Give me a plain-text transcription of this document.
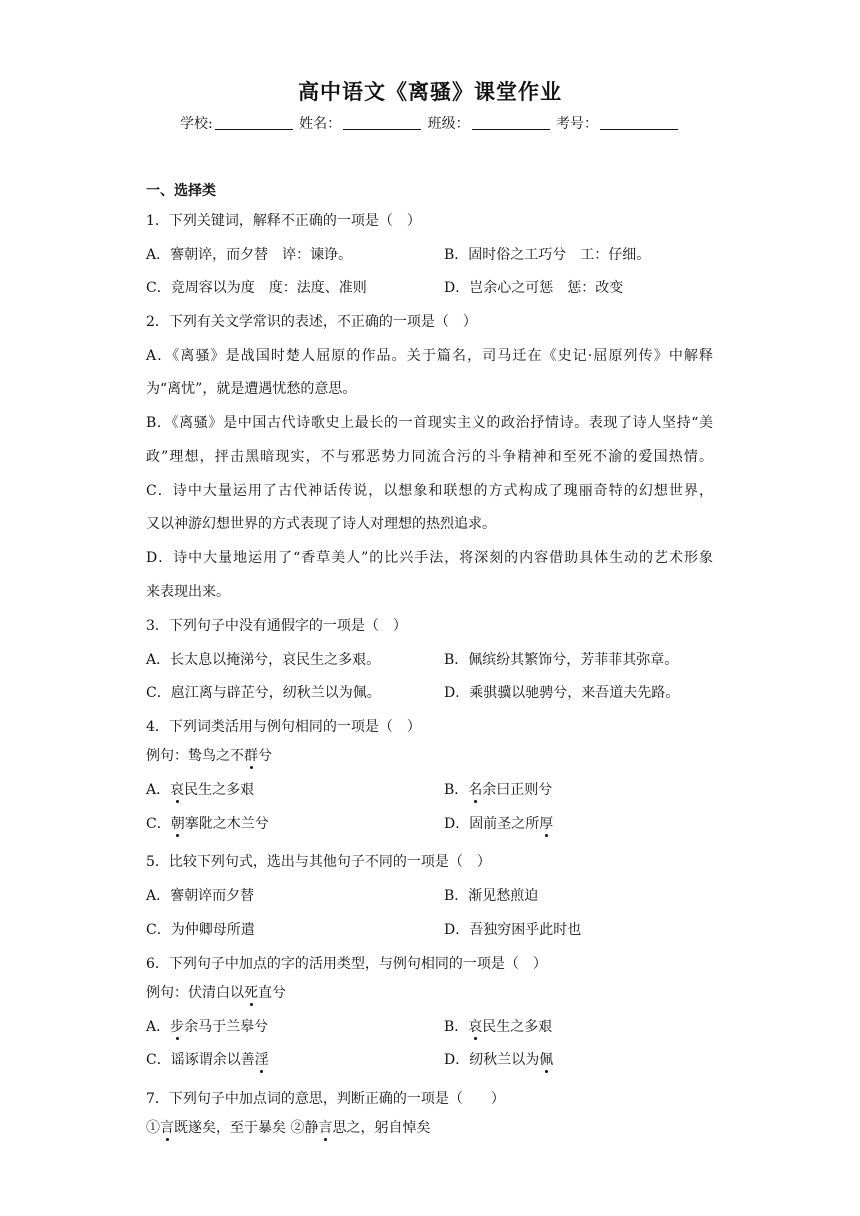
高中语文《离骚》课堂作业
学校:	姓名：	班级：	考号：
一、选择类
1．下列关键词，解释不正确的一项是（　）
A．謇朝谇，而夕替　谇：谏诤。	B．固时俗之工巧兮　工：仔细。
C．竞周容以为度　度：法度、准则	D．岂余心之可惩　惩：改变
2．下列有关文学常识的表述，不正确的一项是（　）
A．《离骚》是战国时楚人屈原的作品。关于篇名，司马迁在《史记·屈原列传》中解释
为“离忧”，就是遭遇忧愁的意思。
B．《离骚》是中国古代诗歌史上最长的一首现实主义的政治抒情诗。表现了诗人坚持“美
政”理想，抨击黑暗现实，不与邪恶势力同流合污的斗争精神和至死不渝的爱国热情。
C．诗中大量运用了古代神话传说，以想象和联想的方式构成了瑰丽奇特的幻想世界，
又以神游幻想世界的方式表现了诗人对理想的热烈追求。
D．诗中大量地运用了“香草美人”的比兴手法，将深刻的内容借助具体生动的艺术形象
来表现出来。
3．下列句子中没有通假字的一项是（　）
A．长太息以掩涕兮，哀民生之多艰。	B．佩缤纷其繁饰兮，芳菲菲其弥章。
C．扈江离与辟芷兮，纫秋兰以为佩。	D．乘骐骥以驰骋兮，来吾道夫先路。
4．下列词类活用与例句相同的一项是（　）
例句：鸷鸟之不群兮
A．哀民生之多艰	B．名余曰正则兮
C．朝搴阰之木兰兮	D．固前圣之所厚
5．比较下列句式，选出与其他句子不同的一项是（　）
A．謇朝谇而夕替	B．渐见愁煎迫
C．为仲卿母所遣	D．吾独穷困乎此时也
6．下列句子中加点的字的活用类型，与例句相同的一项是（　）
例句：伏清白以死直兮
A．步余马于兰皋兮	B．哀民生之多艰
C．谣诼谓余以善淫	D．纫秋兰以为佩
7．下列句子中加点词的意思，判断正确的一项是（　　）
①言既遂矣，至于暴矣 ②静言思之，躬自悼矣
